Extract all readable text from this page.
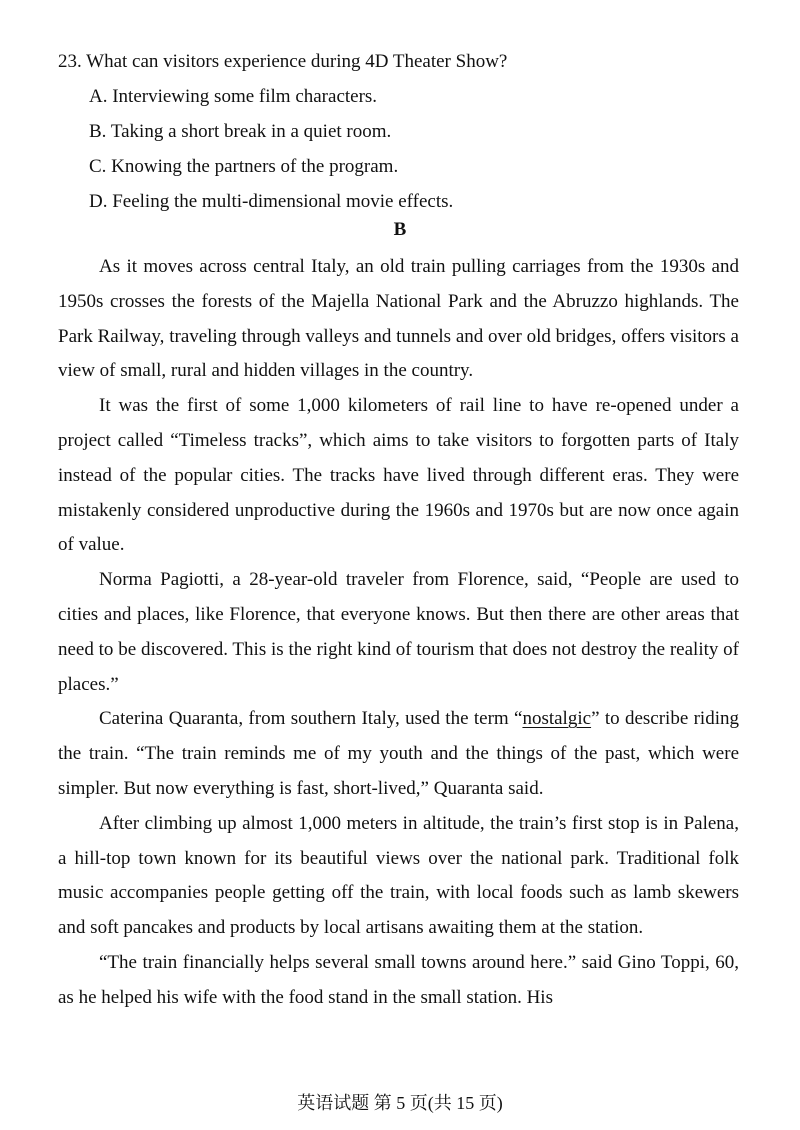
23. What can visitors experience during 4D Theater Show?
A. Interviewing some film characters.
B. Taking a short break in a quiet room.
C. Knowing the partners of the program.
D. Feeling the multi-dimensional movie effects.
B

As it moves across central Italy, an old train pulling carriages from the 1930s and 1950s crosses the forests of the Majella National Park and the Abruzzo highlands. The Park Railway, traveling through valleys and tunnels and over old bridges, offers visitors a view of small, rural and hidden villages in the country.

It was the first of some 1,000 kilometers of rail line to have re-opened under a project called “Timeless tracks”, which aims to take visitors to forgotten parts of Italy instead of the popular cities. The tracks have lived through different eras. They were mistakenly considered unproductive during the 1960s and 1970s but are now once again of value.

Norma Pagiotti, a 28-year-old traveler from Florence, said, “People are used to cities and places, like Florence, that everyone knows. But then there are other areas that need to be discovered. This is the right kind of tourism that does not destroy the reality of places.”

Caterina Quaranta, from southern Italy, used the term “nostalgic” to describe riding the train. “The train reminds me of my youth and the things of the past, which were simpler. But now everything is fast, short-lived,” Quaranta said.

After climbing up almost 1,000 meters in altitude, the train’s first stop is in Palena, a hill-top town known for its beautiful views over the national park. Traditional folk music accompanies people getting off the train, with local foods such as lamb skewers and soft pancakes and products by local artisans awaiting them at the station.

“The train financially helps several small towns around here.” said Gino Toppi, 60, as he helped his wife with the food stand in the small station. His

英语试题 第 5 页(共 15 页)
